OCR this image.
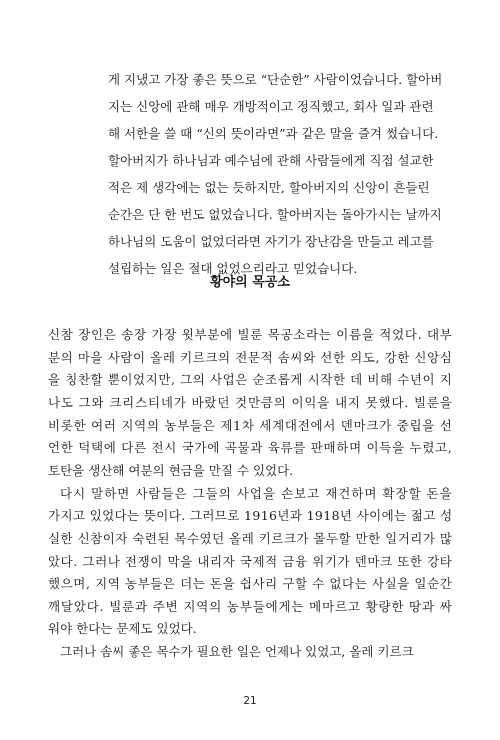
게 지냈고 가장 좋은 뜻으로 “단순한” 사람이었습니다. 할아버
지는 신앙에 관해 매우 개방적이고 정직했고, 회사 일과 관련
해 서한을 쓸 때 “신의 뜻이라면”과 같은 말을 즐겨 썼습니다.
할아버지가 하나님과 예수님에 관해 사람들에게 직접 설교한
적은 제 생각에는 없는 듯하지만, 할아버지의 신앙이 흔들린
순간은 단 한 번도 없었습니다. 할아버지는 돌아가시는 날까지
하나님의 도움이 없었더라면 자기가 장난감을 만들고 레고를
설립하는 일은 절대 없었으리라고 믿었습니다.
황야의 목공소
신참 장인은 송장 가장 윗부분에 빌룬 목공소라는 이름을 적었다. 대부
분의 마을 사람이 올레 키르크의 전문적 솜씨와 선한 의도, 강한 신앙심
을 칭찬할 뿐이었지만, 그의 사업은 순조롭게 시작한 데 비해 수년이 지
나도 그와 크리스티네가 바랐던 것만큼의 이익을 내지 못했다. 빌룬을
비롯한 여러 지역의 농부들은 제1차 세계대전에서 덴마크가 중립을 선
언한 덕택에 다른 전시 국가에 곡물과 육류를 판매하며 이득을 누렸고,
토탄을 생산해 여분의 현금을 만질 수 있었다.
다시 말하면 사람들은 그들의 사업을 손보고 재건하며 확장할 돈을
가지고 있었다는 뜻이다. 그러므로 1916년과 1918년 사이에는 젊고 성
실한 신참이자 숙련된 목수였던 올레 키르크가 몰두할 만한 일거리가 많
았다. 그러나 전쟁이 막을 내리자 국제적 금융 위기가 덴마크 또한 강타
했으며, 지역 농부들은 더는 돈을 쉽사리 구할 수 없다는 사실을 일순간
깨달았다. 빌룬과 주변 지역의 농부들에게는 메마르고 황량한 땅과 싸
워야 한다는 문제도 있었다.
그러나 솜씨 좋은 목수가 필요한 일은 언제나 있었고, 올레 키르크
21
